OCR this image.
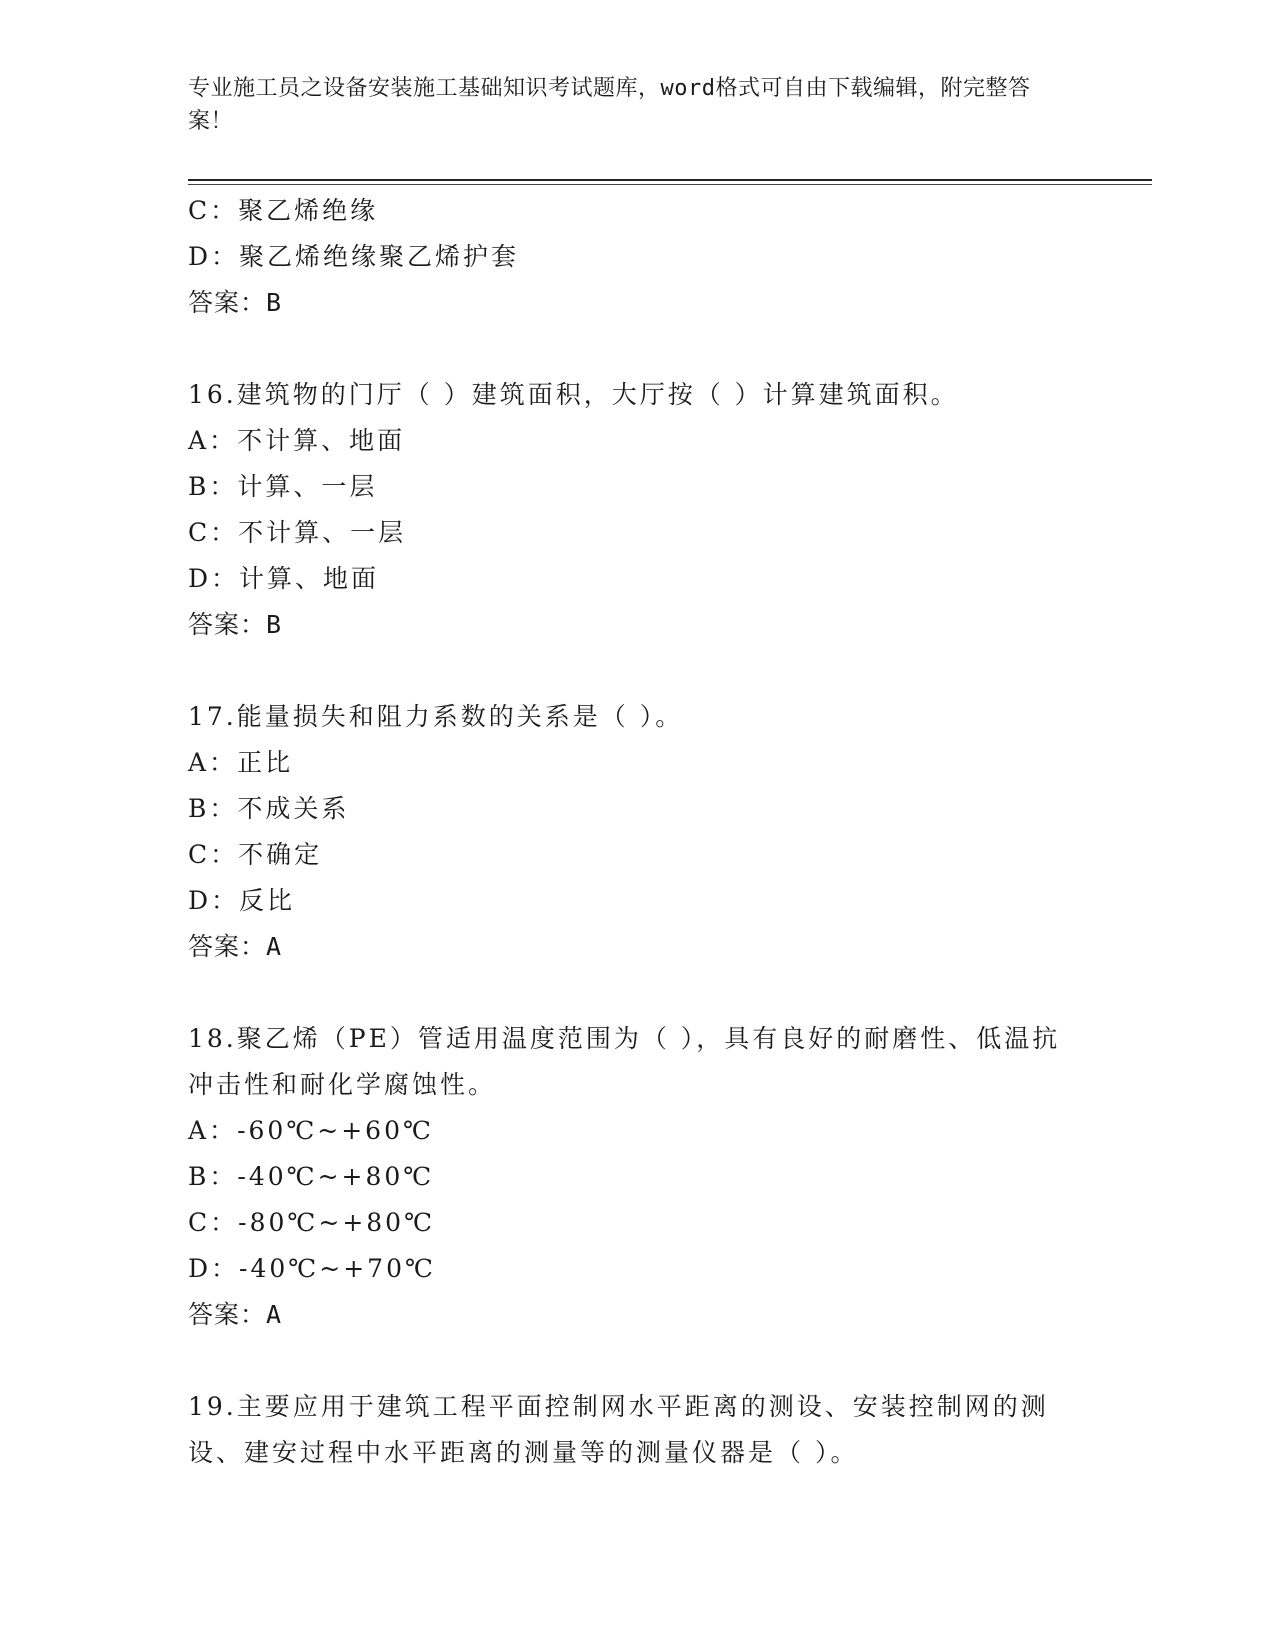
专业施工员之设备安装施工基础知识考试题库，word格式可自由下载编辑，附完整答案！
C：聚乙烯绝缘
D：聚乙烯绝缘聚乙烯护套
答案：B
16.建筑物的门厅（ ）建筑面积，大厅按（ ）计算建筑面积。
A：不计算、地面
B：计算、一层
C：不计算、一层
D：计算、地面
答案：B
17.能量损失和阻力系数的关系是（ ）。
A：正比
B：不成关系
C：不确定
D：反比
答案：A
18.聚乙烯（PE）管适用温度范围为（ ），具有良好的耐磨性、低温抗冲击性和耐化学腐蚀性。
A：-60℃~+60℃
B：-40℃~+80℃
C：-80℃~+80℃
D：-40℃~+70℃
答案：A
19.主要应用于建筑工程平面控制网水平距离的测设、安装控制网的测设、建安过程中水平距离的测量等的测量仪器是（ ）。
